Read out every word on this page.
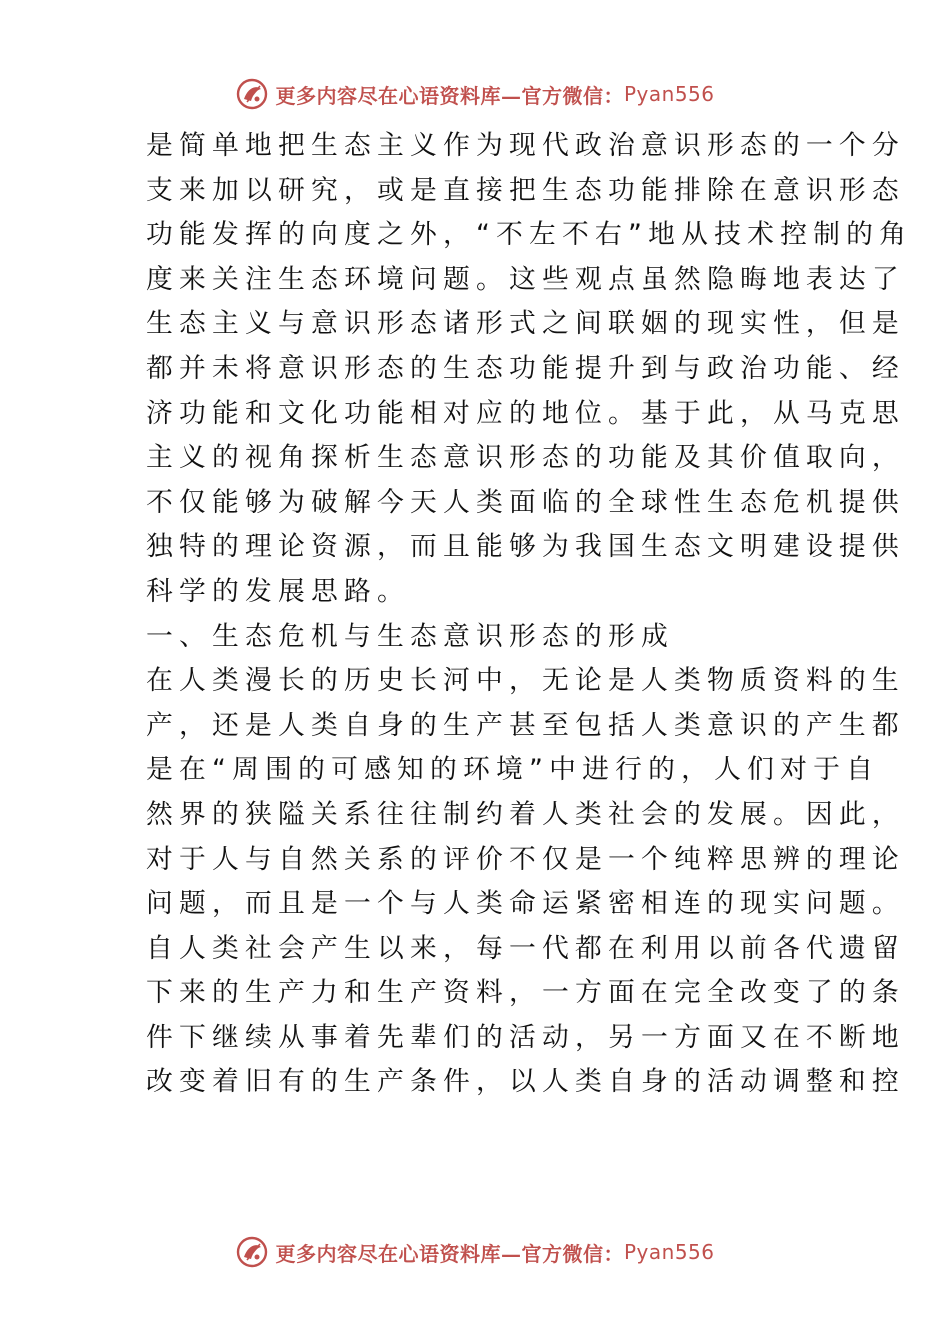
更多内容尽在心语资料库—官方微信： Pyan556
是简单地把生态主义作为现代政治意识形态的一个分
支来加以研究，或是直接把生态功能排除在意识形态
功能发挥的向度之外，“不左不右”地从技术控制的角
度来关注生态环境问题。这些观点虽然隐晦地表达了
生态主义与意识形态诸形式之间联姻的现实性，但是
都并未将意识形态的生态功能提升到与政治功能、经
济功能和文化功能相对应的地位。基于此，从马克思
主义的视角探析生态意识形态的功能及其价值取向，
不仅能够为破解今天人类面临的全球性生态危机提供
独特的理论资源，而且能够为我国生态文明建设提供
科学的发展思路。
一、生态危机与生态意识形态的形成
在人类漫长的历史长河中，无论是人类物质资料的生
产，还是人类自身的生产甚至包括人类意识的产生都
是在“周围的可感知的环境”中进行的，人们对于自
然界的狭隘关系往往制约着人类社会的发展。因此，
对于人与自然关系的评价不仅是一个纯粹思辨的理论
问题，而且是一个与人类命运紧密相连的现实问题。
自人类社会产生以来，每一代都在利用以前各代遗留
下来的生产力和生产资料，一方面在完全改变了的条
件下继续从事着先辈们的活动，另一方面又在不断地
改变着旧有的生产条件，以人类自身的活动调整和控
更多内容尽在心语资料库—官方微信： Pyan556
